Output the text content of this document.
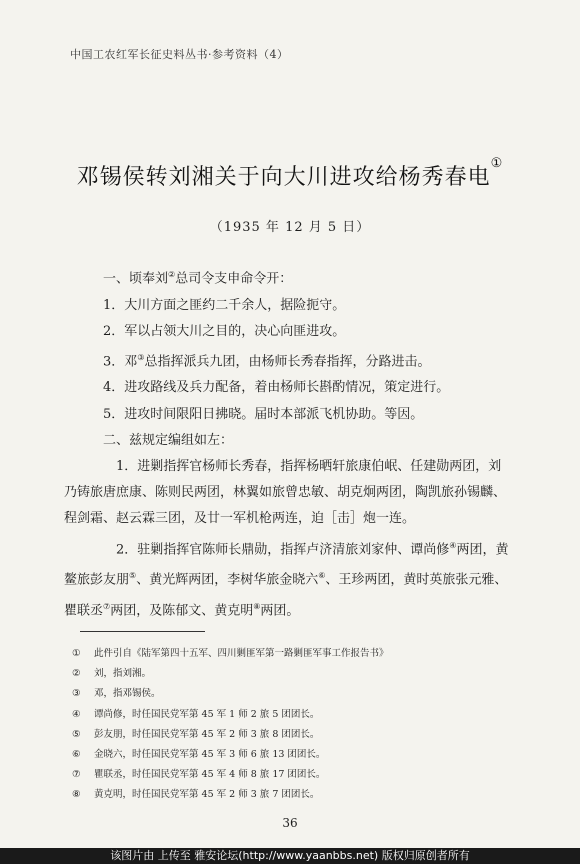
中国工农红军长征史料丛书·参考资料（4）
邓锡侯转刘湘关于向大川进攻给杨秀春电①
（1935 年 12 月 5 日）

 一、顷奉刘②总司令支申命令开：

 1．大川方面之匪约二千余人，据险扼守。

 2．军以占领大川之目的，决心向匪进攻。

 3．邓③总指挥派兵九团，由杨师长秀春指挥，分路进击。

 4．进攻路线及兵力配备，着由杨师长斟酌情况，策定进行。

 5．进攻时间限阳日拂晓。届时本部派飞机协助。等因。

 二、兹规定编组如左：

  1．进剿指挥官杨师长秀春，指挥杨晒轩旅康伯岷、任建勋两团，刘乃铸旅唐庶康、陈则民两团，林翼如旅曾忠敏、胡克炯两团，陶凯旅孙锡麟、程剑霜、赵云霖三团，及廿一军机枪两连，迫［击］炮一连。

  2．驻剿指挥官陈师长鼎勋，指挥卢济清旅刘家仲、谭尚修④两团，黄鳌旅彭友朋⑤、黄光辉两团，李树华旅金晓六⑥、王珍两团，黄时英旅张元雅、瞿联丞⑦两团，及陈郁文、黄克明⑧两团。

①	此件引自《陆军第四十五军、四川剿匪军第一路剿匪军事工作报告书》
②	刘，指刘湘。
③	邓，指邓锡侯。
④	谭尚修，时任国民党军第 45 军 1 师 2 旅 5 团团长。
⑤	彭友朋，时任国民党军第 45 军 2 师 3 旅 8 团团长。
⑥	金晓六，时任国民党军第 45 军 3 师 6 旅 13 团团长。
⑦	瞿联丞，时任国民党军第 45 军 4 师 8 旅 17 团团长。
⑧	黄克明，时任国民党军第 45 军 2 师 3 旅 7 团团长。
36
该图片由 上传至 雅安论坛(http://www.yaanbbs.net) 版权归原创者所有
